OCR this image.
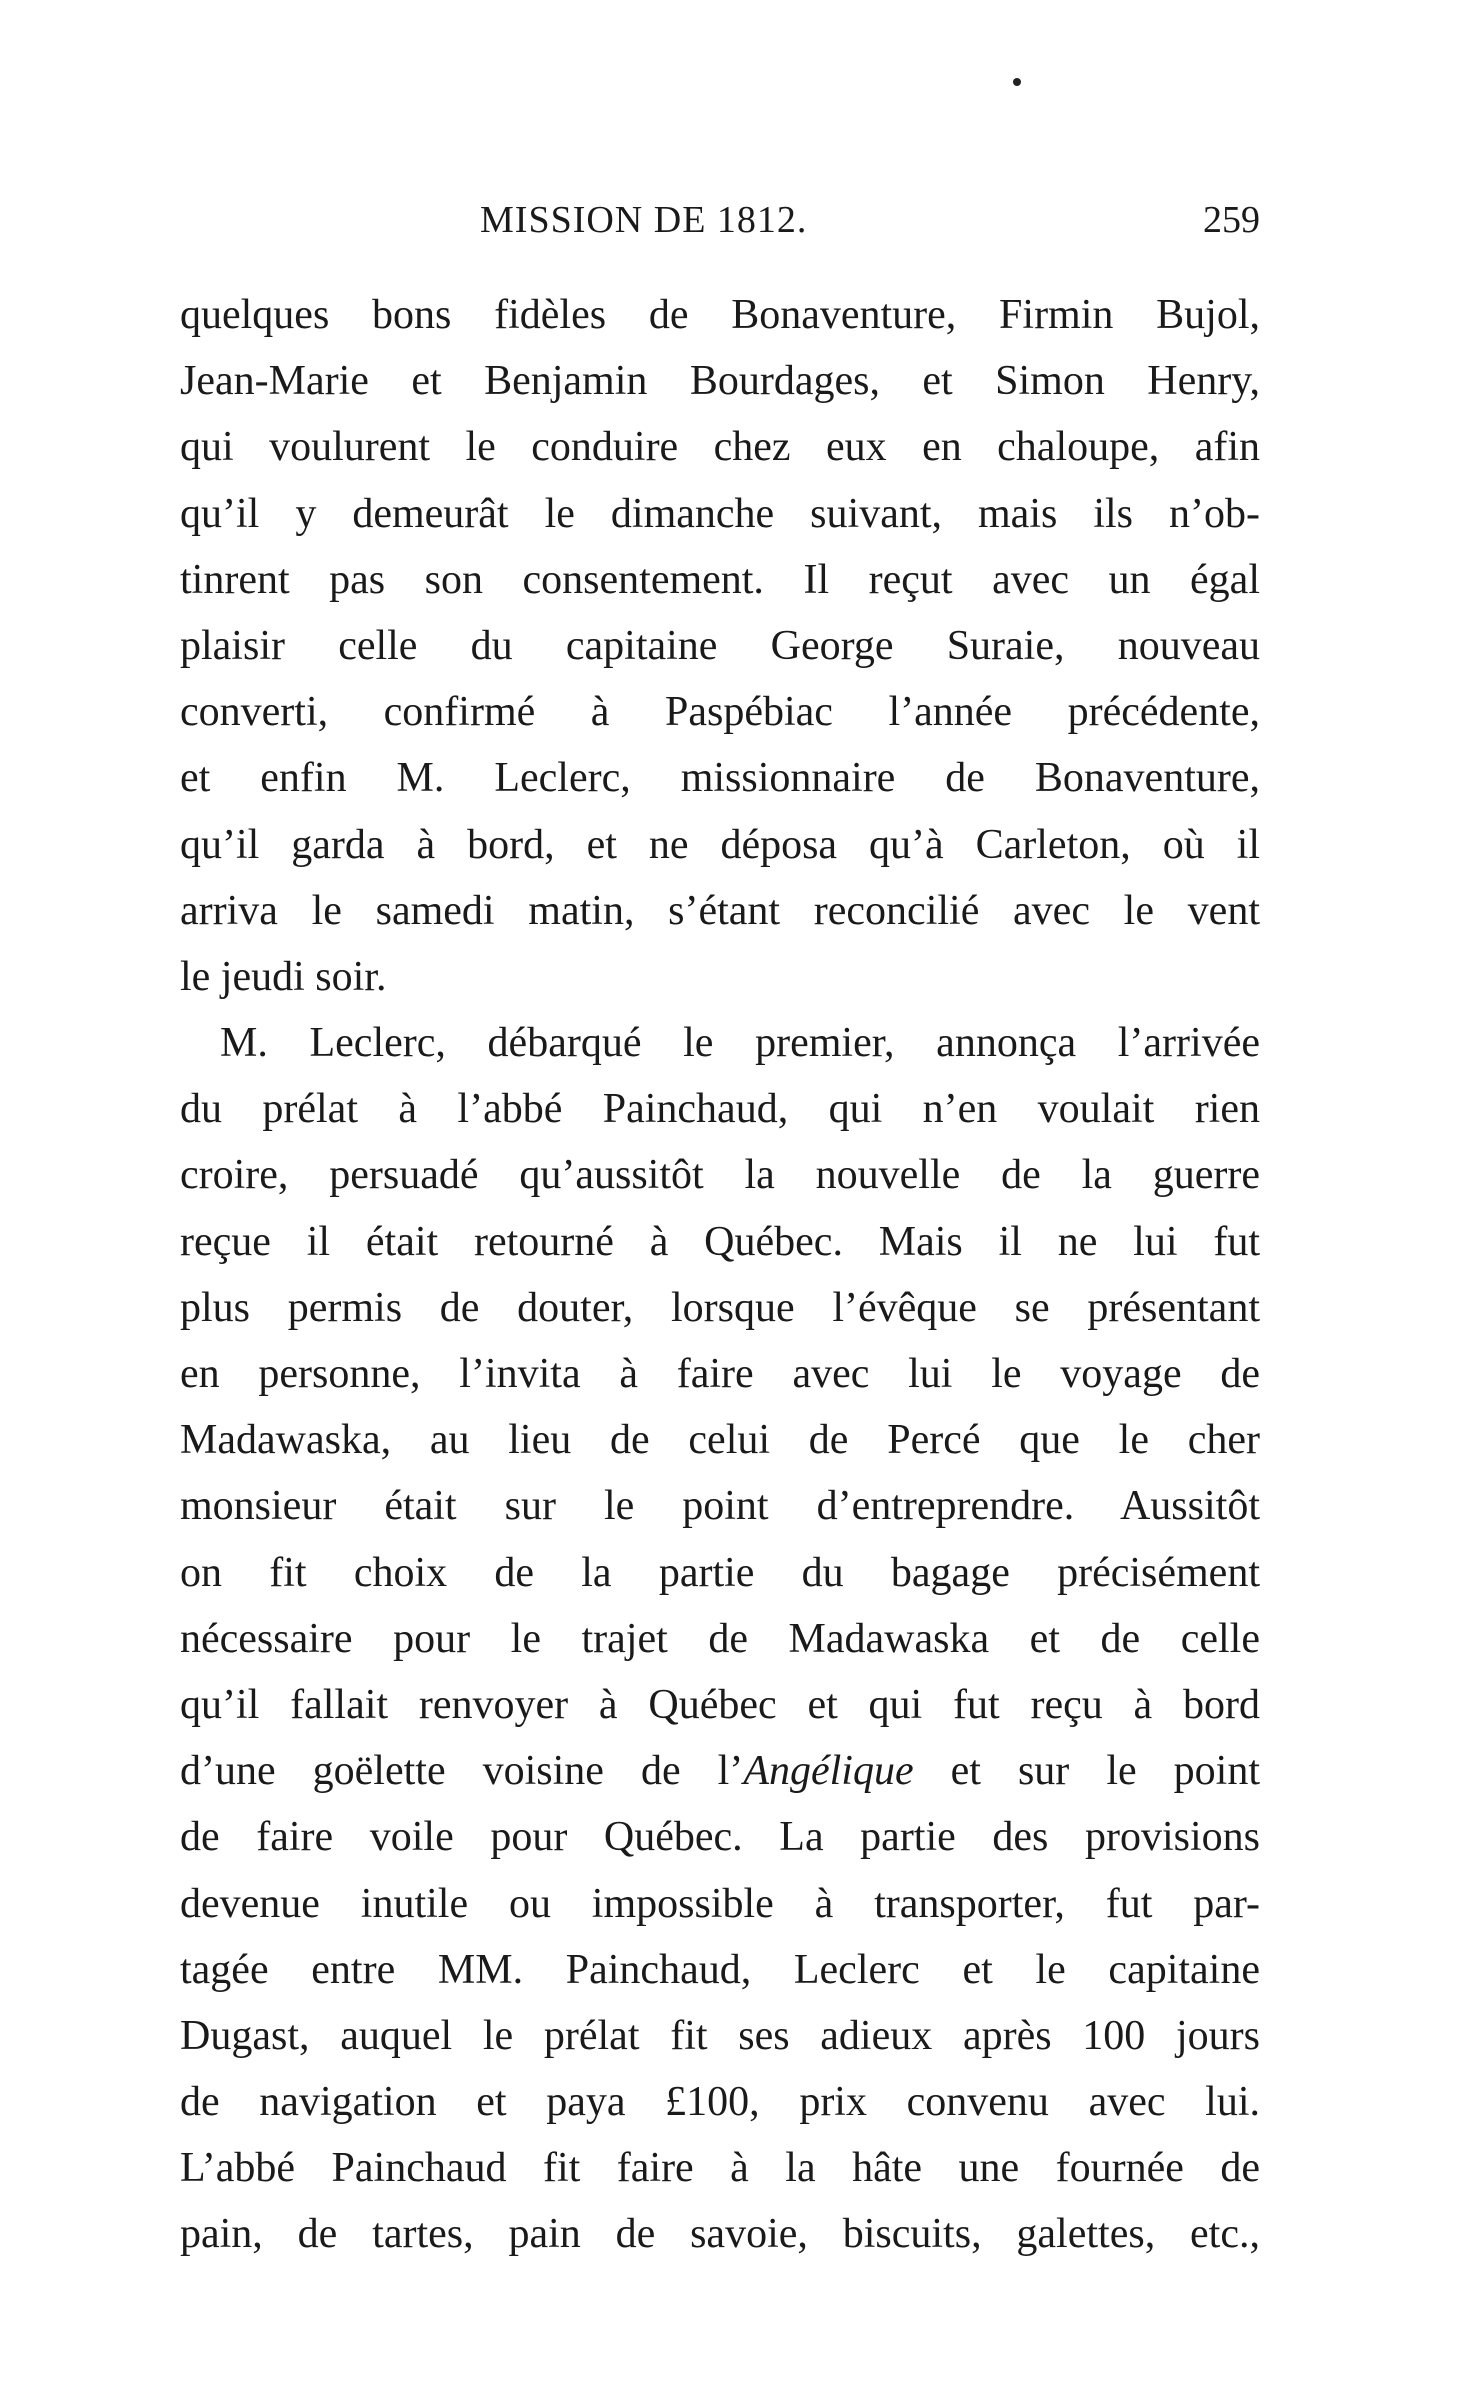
MISSION DE 1812.	259
quelques bons fidèles de Bonaventure, Firmin Bujol,
Jean-Marie et Benjamin Bourdages, et Simon Henry,
qui voulurent le conduire chez eux en chaloupe, afin
qu’il y demeurât le dimanche suivant, mais ils n’ob-
tinrent pas son consentement. Il reçut avec un égal
plaisir celle du capitaine George Suraie, nouveau
converti, confirmé à Paspébiac l’année précédente,
et enfin M. Leclerc, missionnaire de Bonaventure,
qu’il garda à bord, et ne déposa qu’à Carleton, où il
arriva le samedi matin, s’étant reconcilié avec le vent
le jeudi soir.
M. Leclerc, débarqué le premier, annonça l’arrivée
du prélat à l’abbé Painchaud, qui n’en voulait rien
croire, persuadé qu’aussitôt la nouvelle de la guerre
reçue il était retourné à Québec. Mais il ne lui fut
plus permis de douter, lorsque l’évêque se présentant
en personne, l’invita à faire avec lui le voyage de
Madawaska, au lieu de celui de Percé que le cher
monsieur était sur le point d’entreprendre. Aussitôt
on fit choix de la partie du bagage précisément
nécessaire pour le trajet de Madawaska et de celle
qu’il fallait renvoyer à Québec et qui fut reçu à bord
d’une goëlette voisine de l’Angélique et sur le point
de faire voile pour Québec. La partie des provisions
devenue inutile ou impossible à transporter, fut par-
tagée entre MM. Painchaud, Leclerc et le capitaine
Dugast, auquel le prélat fit ses adieux après 100 jours
de navigation et paya £100, prix convenu avec lui.
L’abbé Painchaud fit faire à la hâte une fournée de
pain, de tartes, pain de savoie, biscuits, galettes, etc.,
